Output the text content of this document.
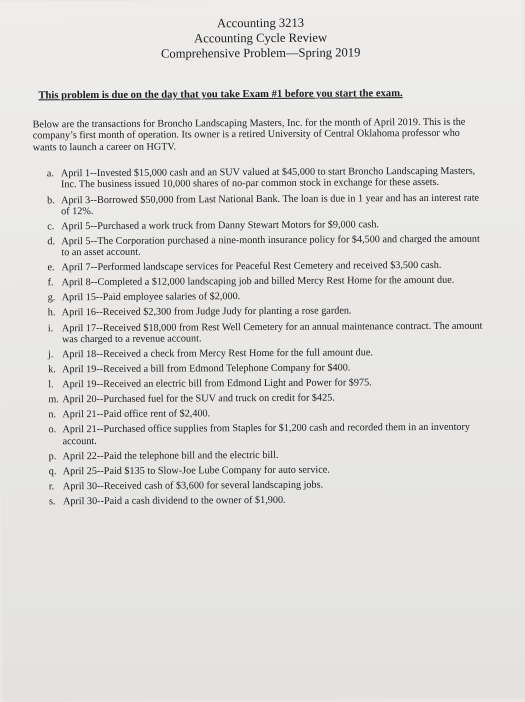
Accounting 3213
Accounting Cycle Review
Comprehensive Problem—Spring 2019
This problem is due on the day that you take Exam #1 before you start the exam.
Below are the transactions for Broncho Landscaping Masters, Inc. for the month of April 2019. This is the company’s first month of operation. Its owner is a retired University of Central Oklahoma professor who wants to launch a career on HGTV.
a. April 1--Invested $15,000 cash and an SUV valued at $45,000 to start Broncho Landscaping Masters, Inc. The business issued 10,000 shares of no-par common stock in exchange for these assets.
b. April 3--Borrowed $50,000 from Last National Bank. The loan is due in 1 year and has an interest rate of 12%.
c. April 5--Purchased a work truck from Danny Stewart Motors for $9,000 cash.
d. April 5--The Corporation purchased a nine-month insurance policy for $4,500 and charged the amount to an asset account.
e. April 7--Performed landscape services for Peaceful Rest Cemetery and received $3,500 cash.
f. April 8--Completed a $12,000 landscaping job and billed Mercy Rest Home for the amount due.
g. April 15--Paid employee salaries of $2,000.
h. April 16--Received $2,300 from Judge Judy for planting a rose garden.
i. April 17--Received $18,000 from Rest Well Cemetery for an annual maintenance contract. The amount was charged to a revenue account.
j. April 18--Received a check from Mercy Rest Home for the full amount due.
k. April 19--Received a bill from Edmond Telephone Company for $400.
l. April 19--Received an electric bill from Edmond Light and Power for $975.
m. April 20--Purchased fuel for the SUV and truck on credit for $425.
n. April 21--Paid office rent of $2,400.
o. April 21--Purchased office supplies from Staples for $1,200 cash and recorded them in an inventory account.
p. April 22--Paid the telephone bill and the electric bill.
q. April 25--Paid $135 to Slow-Joe Lube Company for auto service.
r. April 30--Received cash of $3,600 for several landscaping jobs.
s. April 30--Paid a cash dividend to the owner of $1,900.
